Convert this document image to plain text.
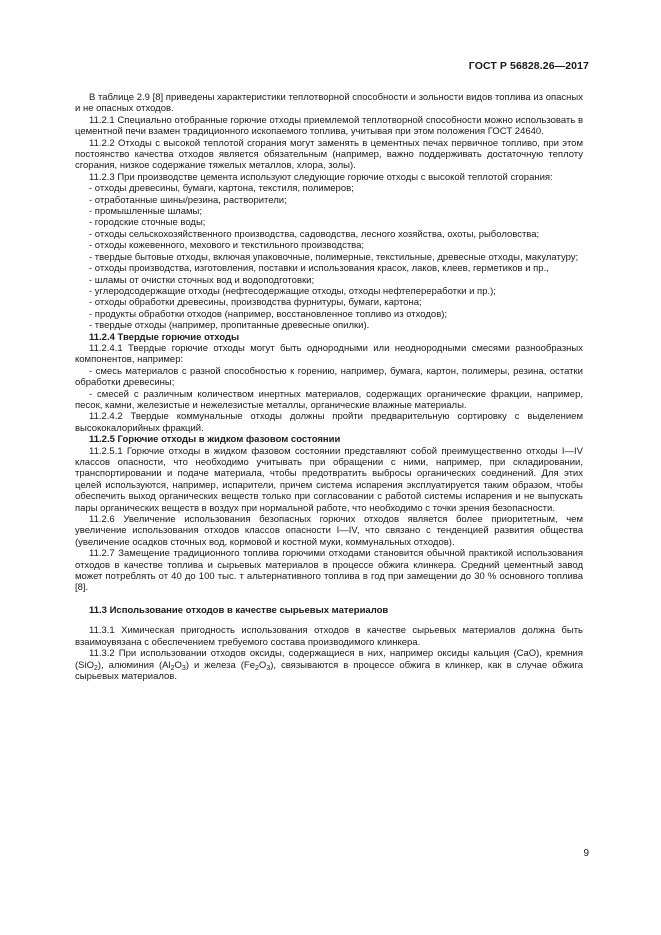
ГОСТ Р 56828.26—2017

В таблице 2.9 [8] приведены характеристики теплотворной способности и зольности видов топлива из опасных и не опасных отходов.

11.2.1 Специально отобранные горючие отходы приемлемой теплотворной способности можно использовать в цементной печи взамен традиционного ископаемого топлива, учитывая при этом положения ГОСТ 24640.

11.2.2 Отходы с высокой теплотой сгорания могут заменять в цементных печах первичное топливо, при этом постоянство качества отходов является обязательным (например, важно поддерживать достаточную теплоту сгорания, низкое содержание тяжелых металлов, хлора, золы).

11.2.3 При производстве цемента используют следующие горючие отходы с высокой теплотой сгорания:

- отходы древесины, бумаги, картона, текстиля, полимеров;

- отработанные шины/резина, растворители;

- промышленные шламы;

- городские сточные воды;

- отходы сельскохозяйственного производства, садоводства, лесного хозяйства, охоты, рыболовства;

- отходы кожевенного, мехового и текстильного производства;

- твердые бытовые отходы, включая упаковочные, полимерные, текстильные, древесные отходы, макулатуру;

- отходы производства, изготовления, поставки и использования красок, лаков, клеев, герметиков и пр.,

- шламы от очистки сточных вод и водоподготовки;

- углеродсодержащие отходы (нефтесодержащие отходы, отходы нефтепереработки и пр.);

- отходы обработки древесины, производства фурнитуры, бумаги, картона;

- продукты обработки отходов (например, восстановленное топливо из отходов);

- твердые отходы (например, пропитанные древесные опилки).

11.2.4 Твердые горючие отходы

11.2.4.1 Твердые горючие отходы могут быть однородными или неоднородными смесями разнообразных компонентов, например:

- смесь материалов с разной способностью к горению, например, бумага, картон, полимеры, резина, остатки обработки древесины;

- смесей с различным количеством инертных материалов, содержащих органические фракции, например, песок, камни, железистые и нежелезистые металлы, органические влажные материалы.

11.2.4.2 Твердые коммунальные отходы должны пройти предварительную сортировку с выделением высококалорийных фракций.

11.2.5 Горючие отходы в жидком фазовом состоянии

11.2.5.1 Горючие отходы в жидком фазовом состоянии представляют собой преимущественно отходы I—IV классов опасности, что необходимо учитывать при обращении с ними, например, при складировании, транспортировании и подаче материала, чтобы предотвратить выбросы органических соединений. Для этих целей используются, например, испарители, причем система испарения эксплуатируется таким образом, чтобы обеспечить выход органических веществ только при согласовании с работой системы испарения и не выпускать пары органических веществ в воздух при нормальной работе, что необходимо с точки зрения безопасности.

11.2.6 Увеличение использования безопасных горючих отходов является более приоритетным, чем увеличение использования отходов классов опасности I—IV, что связано с тенденцией развития общества (увеличение осадков сточных вод, кормовой и костной муки, коммунальных отходов).

11.2.7 Замещение традиционного топлива горючими отходами становится обычной практикой использования отходов в качестве топлива и сырьевых материалов в процессе обжига клинкера. Средний цементный завод может потреблять от 40 до 100 тыс. т альтернативного топлива в год при замещении до 30 % основного топлива [8].

11.3 Использование отходов в качестве сырьевых материалов

11.3.1 Химическая пригодность использования отходов в качестве сырьевых материалов должна быть взаимоувязана с обеспечением требуемого состава производимого клинкера.

11.3.2 При использовании отходов оксиды, содержащиеся в них, например оксиды кальция (CaO), кремния (SiO$_2$), алюминия $(Al_2O_3)$ и железа $(Fe_2O_3)$, связываются в процессе обжига в клинкер, как в случае обжига сырьевых материалов.

9
